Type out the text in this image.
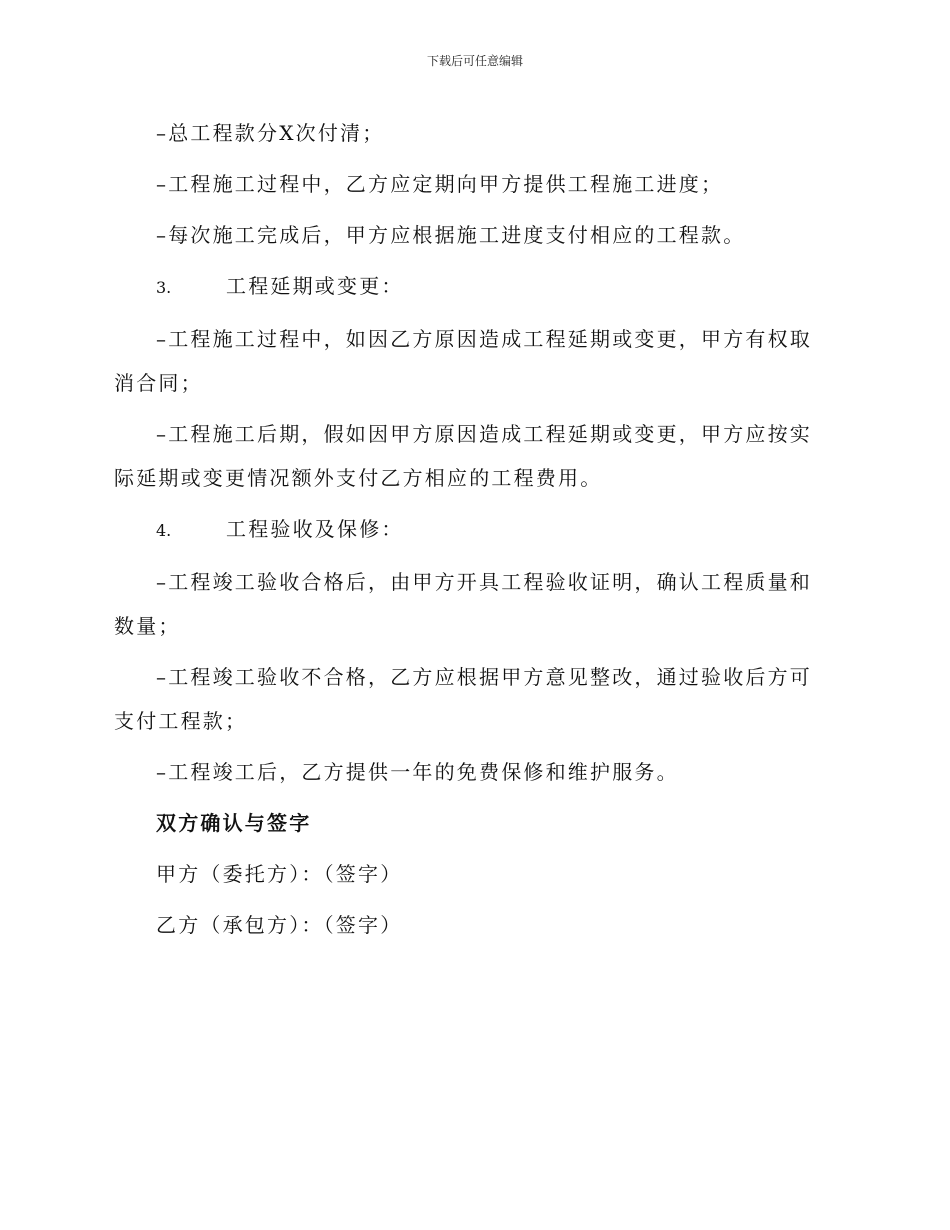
下载后可任意编辑

–总工程款分X次付清；

–工程施工过程中，乙方应定期向甲方提供工程施工进度；

–每次施工完成后，甲方应根据施工进度支付相应的工程款。

3.	工程延期或变更：

–工程施工过程中，如因乙方原因造成工程延期或变更，甲方有权取消合同；

–工程施工后期，假如因甲方原因造成工程延期或变更，甲方应按实际延期或变更情况额外支付乙方相应的工程费用。

4.	工程验收及保修：

–工程竣工验收合格后，由甲方开具工程验收证明，确认工程质量和数量；

–工程竣工验收不合格，乙方应根据甲方意见整改，通过验收后方可支付工程款；

–工程竣工后，乙方提供一年的免费保修和维护服务。

双方确认与签字

甲方（委托方）：（签字）

乙方（承包方）：（签字）
